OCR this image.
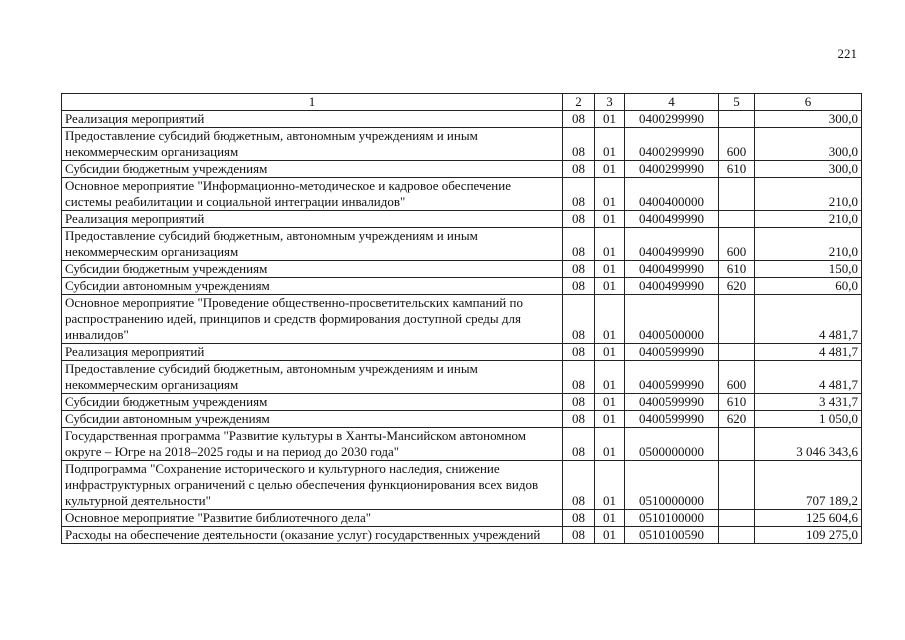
221
1	2	3	4	5	6
Реализация мероприятий	08	01	0400299990		300,0
Предоставление субсидий бюджетным, автономным учреждениям и иным некоммерческим организациям	08	01	0400299990	600	300,0
Субсидии бюджетным учреждениям	08	01	0400299990	610	300,0
Основное мероприятие "Информационно-методическое и кадровое обеспечение системы реабилитации и социальной интеграции инвалидов"	08	01	0400400000		210,0
Реализация мероприятий	08	01	0400499990		210,0
Предоставление субсидий бюджетным, автономным учреждениям и иным некоммерческим организациям	08	01	0400499990	600	210,0
Субсидии бюджетным учреждениям	08	01	0400499990	610	150,0
Субсидии автономным учреждениям	08	01	0400499990	620	60,0
Основное мероприятие "Проведение общественно-просветительских кампаний по распространению идей, принципов и средств формирования доступной среды для инвалидов"	08	01	0400500000		4 481,7
Реализация мероприятий	08	01	0400599990		4 481,7
Предоставление субсидий бюджетным, автономным учреждениям и иным некоммерческим организациям	08	01	0400599990	600	4 481,7
Субсидии бюджетным учреждениям	08	01	0400599990	610	3 431,7
Субсидии автономным учреждениям	08	01	0400599990	620	1 050,0
Государственная программа "Развитие культуры в Ханты-Мансийском автономном округе – Югре на 2018–2025 годы и на период до 2030 года"	08	01	0500000000		3 046 343,6
Подпрограмма "Сохранение исторического и культурного наследия, снижение инфраструктурных ограничений с целью обеспечения функционирования всех видов культурной деятельности"	08	01	0510000000		707 189,2
Основное мероприятие "Развитие библиотечного дела"	08	01	0510100000		125 604,6
Расходы на обеспечение деятельности (оказание услуг) государственных учреждений	08	01	0510100590		109 275,0
